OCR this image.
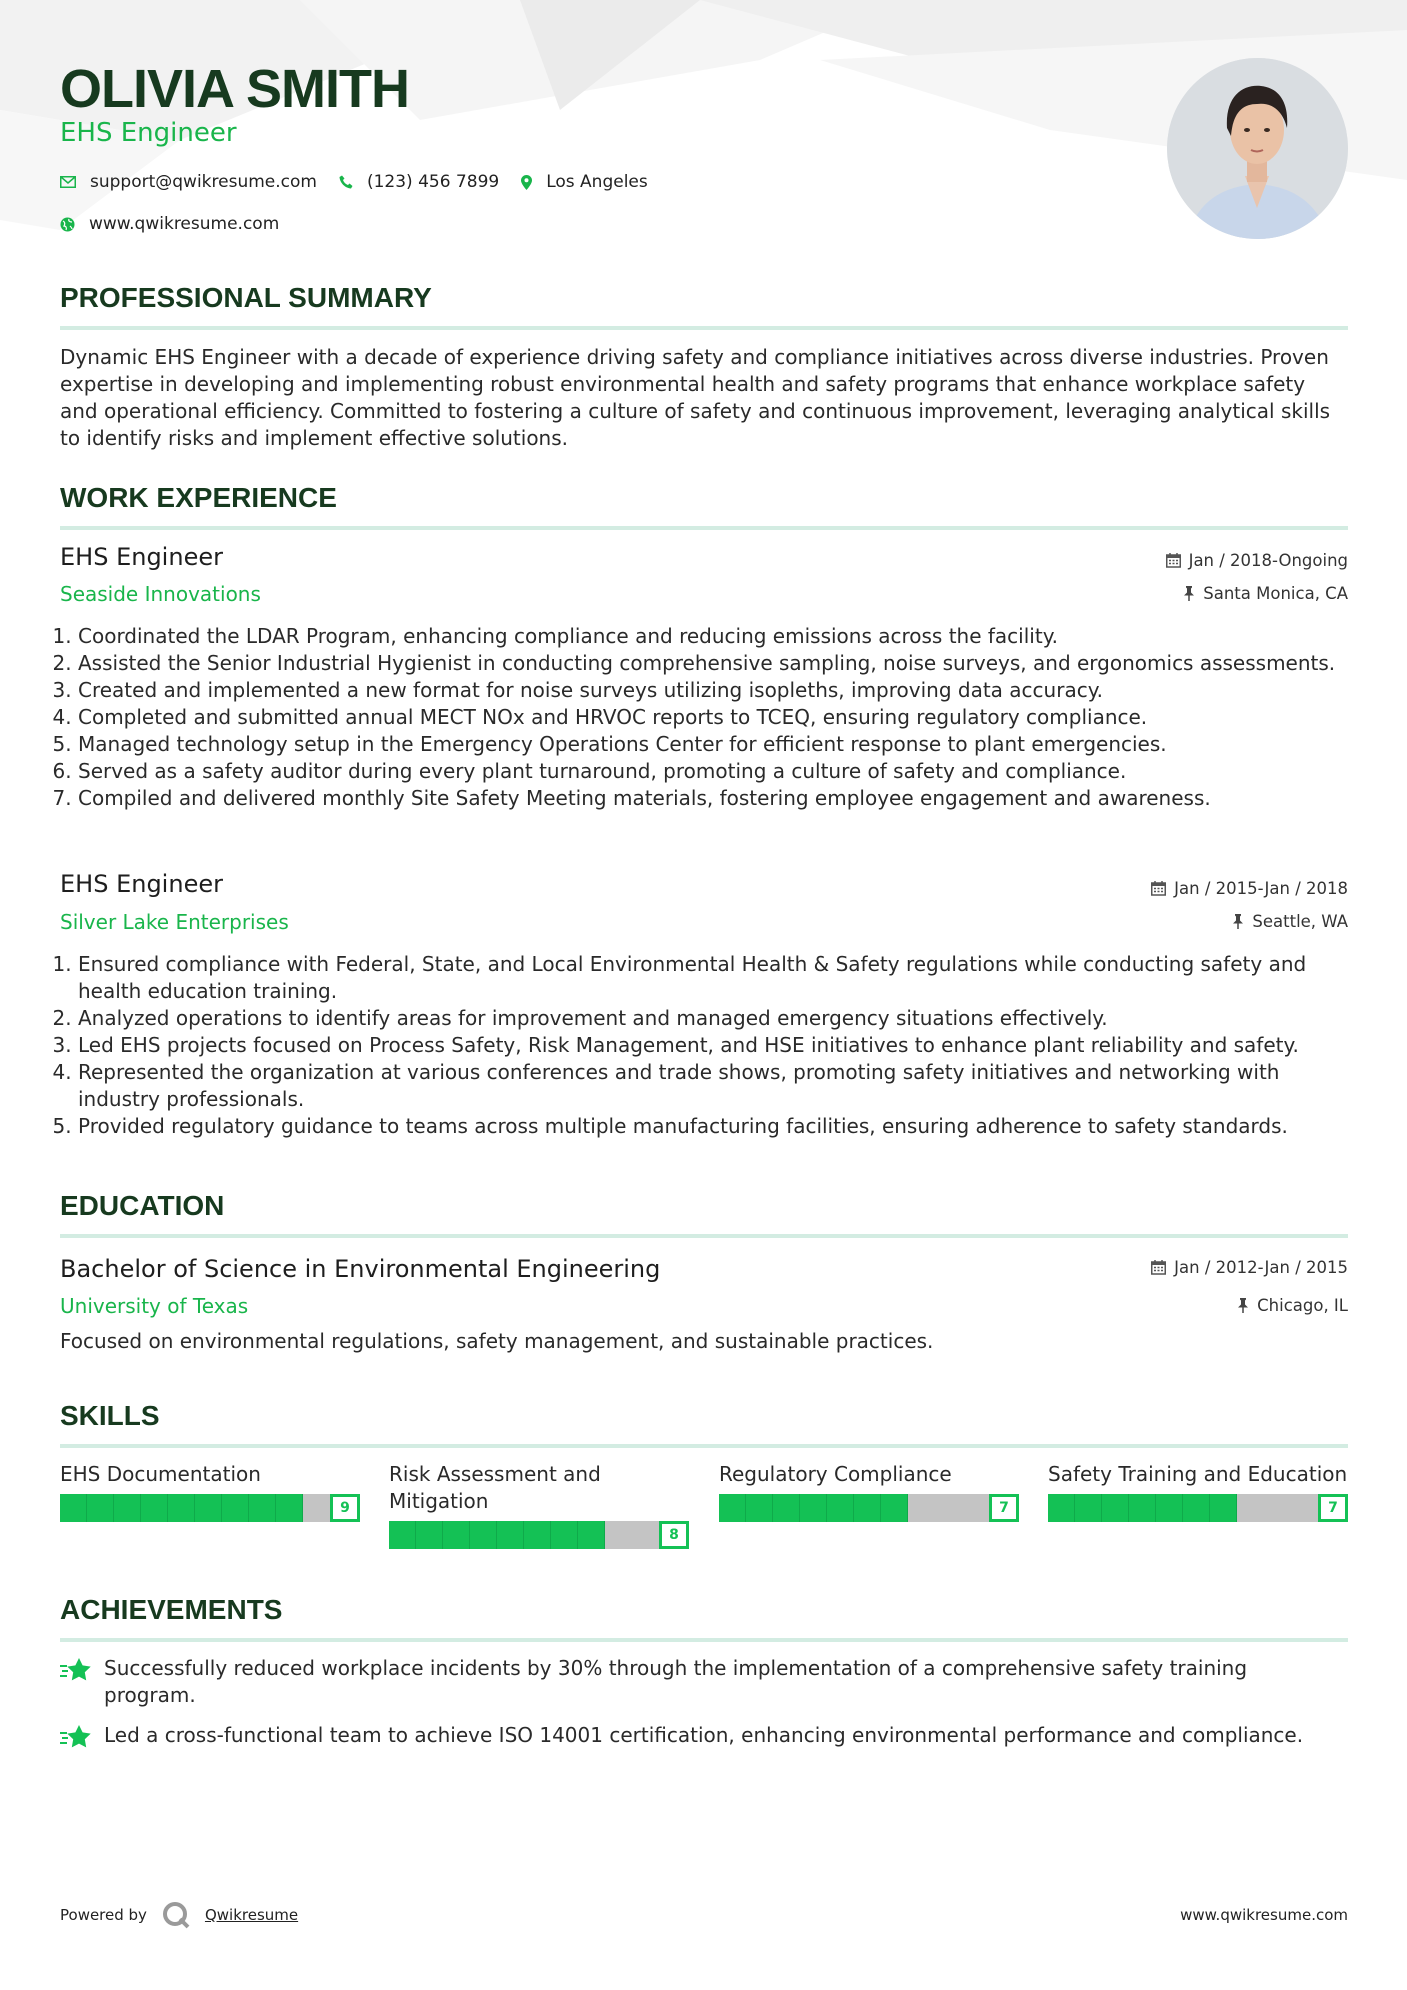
OLIVIA SMITH
EHS Engineer
support@qwikresume.com	(123) 456 7899	Los Angeles
www.qwikresume.com
PROFESSIONAL SUMMARY
Dynamic EHS Engineer with a decade of experience driving safety and compliance initiatives across diverse industries. Proven expertise in developing and implementing robust environmental health and safety programs that enhance workplace safety and operational efficiency. Committed to fostering a culture of safety and continuous improvement, leveraging analytical skills to identify risks and implement effective solutions.
WORK EXPERIENCE
EHS Engineer
Seaside Innovations
Jan / 2018-Ongoing
Santa Monica, CA
1. Coordinated the LDAR Program, enhancing compliance and reducing emissions across the facility.
2. Assisted the Senior Industrial Hygienist in conducting comprehensive sampling, noise surveys, and ergonomics assessments.
3. Created and implemented a new format for noise surveys utilizing isopleths, improving data accuracy.
4. Completed and submitted annual MECT NOx and HRVOC reports to TCEQ, ensuring regulatory compliance.
5. Managed technology setup in the Emergency Operations Center for efficient response to plant emergencies.
6. Served as a safety auditor during every plant turnaround, promoting a culture of safety and compliance.
7. Compiled and delivered monthly Site Safety Meeting materials, fostering employee engagement and awareness.
EHS Engineer
Silver Lake Enterprises
Jan / 2015-Jan / 2018
Seattle, WA
1. Ensured compliance with Federal, State, and Local Environmental Health & Safety regulations while conducting safety and health education training.
2. Analyzed operations to identify areas for improvement and managed emergency situations effectively.
3. Led EHS projects focused on Process Safety, Risk Management, and HSE initiatives to enhance plant reliability and safety.
4. Represented the organization at various conferences and trade shows, promoting safety initiatives and networking with industry professionals.
5. Provided regulatory guidance to teams across multiple manufacturing facilities, ensuring adherence to safety standards.
EDUCATION
Bachelor of Science in Environmental Engineering
University of Texas
Jan / 2012-Jan / 2015
Chicago, IL
Focused on environmental regulations, safety management, and sustainable practices.
SKILLS
EHS Documentation
9
Risk Assessment and Mitigation
8
Regulatory Compliance
7
Safety Training and Education
7
ACHIEVEMENTS
Successfully reduced workplace incidents by 30% through the implementation of a comprehensive safety training program.
Led a cross-functional team to achieve ISO 14001 certification, enhancing environmental performance and compliance.
Powered by	Qwikresume	www.qwikresume.com
